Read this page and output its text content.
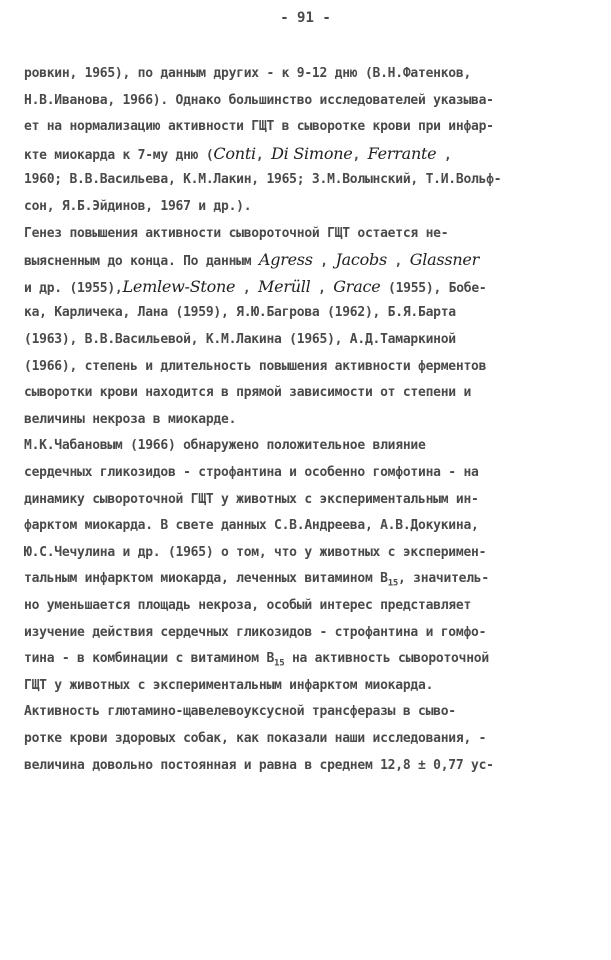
- 91 -
ровкин, 1965), по данным других - к 9-12 дню (В.Н.Фатенков,
Н.В.Иванова, 1966). Однако большинство исследователей указыва-
ет на нормализацию активности ГЩТ в сыворотке крови при инфар-
кте миокарда к 7-му дню (Conti, Di Simone, Ferrante ,
1960; В.В.Васильева, К.М.Лакин, 1965; З.М.Волынский, Т.И.Вольф-
сон, Я.Б.Эйдинов, 1967 и др.).
Генез повышения активности сывороточной ГЩТ остается не-
выясненным до конца. По данным Agress , Jacobs , Glassner
и др. (1955),Lemlew-Stone , Merüll , Grace (1955), Бобе-
ка, Карличека, Лана (1959), Я.Ю.Багрова (1962), Б.Я.Барта
(1963), В.В.Васильевой, К.М.Лакина (1965), А.Д.Тамаркиной
(1966), степень и длительность повышения активности ферментов
сыворотки крови находится в прямой зависимости от степени и
величины некроза в миокарде.
М.К.Чабановым (1966) обнаружено положительное влияние
сердечных гликозидов - строфантина и особенно гомфотина - на
динамику сывороточной ГЩТ у животных с экспериментальным ин-
фарктом миокарда. В свете данных С.В.Андреева, А.В.Докукина,
Ю.С.Чечулина и др. (1965) о том, что у животных с эксперимен-
тальным инфарктом миокарда, леченных витамином $В_{15}$, значитель-
но уменьшается площадь некроза, особый интерес представляет
изучение действия сердечных гликозидов - строфантина и гомфо-
тина - в комбинации с витамином $В_{15}$ на активность сывороточной
ГЩТ у животных с экспериментальным инфарктом миокарда.
Активность глютамино-щавелевоуксусной трансферазы в сыво-
ротке крови здоровых собак, как показали наши исследования, -
величина довольно постоянная и равна в среднем 12,8 ± 0,77 ус-
